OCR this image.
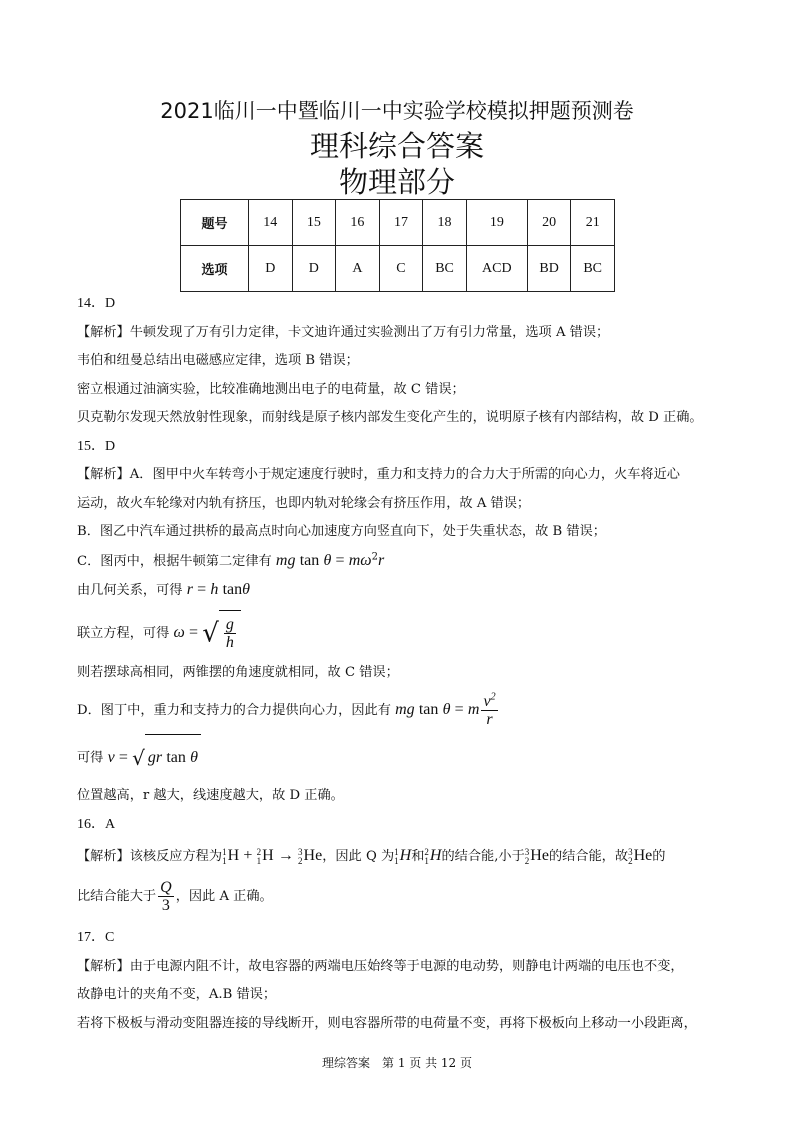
2021临川一中暨临川一中实验学校模拟押题预测卷
理科综合答案
物理部分
题号	14	15	16	17	18	19	20	21
选项	D	D	A	C	BC	ACD	BD	BC
14．D
【解析】牛顿发现了万有引力定律，卡文迪许通过实验测出了万有引力常量，选项 A 错误；
韦伯和纽曼总结出电磁感应定律，选项 B 错误；
密立根通过油滴实验，比较准确地测出电子的电荷量，故 C 错误；
贝克勒尔发现天然放射性现象，而射线是原子核内部发生变化产生的，说明原子核有内部结构，故 D 正确。
15．D
【解析】A．图甲中火车转弯小于规定速度行驶时，重力和支持力的合力大于所需的向心力，火车将近心
运动，故火车轮缘对内轨有挤压，也即内轨对轮缘会有挤压作用，故 A 错误；
B．图乙中汽车通过拱桥的最高点时向心加速度方向竖直向下，处于失重状态，故 B 错误；
C．图丙中，根据牛顿第二定律有 mg $\tan \theta = m\omega^2r$
由几何关系，可得 r = h tanθ
联立方程，可得 ω = √ $\frac{g}{h}$
则若摆球高相同，两锥摆的角速度就相同，故 C 错误；
D．图丁中，重力和支持力的合力提供向心力，因此有 mg tan θ = m $\frac{v^2}{r}$
可得 v = √ gr tan θ
位置越高，r 越大，线速度越大，故 D 正确。
16．A
【解析】该核反应方程为 1
1 H + 2
1 H → 3
2 He，因此 Q 为 1
1 H和 2
1 H的结合能,小于 3
2 He的结合能，故 3
2 He的
比结合能大于 $\frac{Q}{3}$ ，因此 A 正确。
17．C
【解析】由于电源内阻不计，故电容器的两端电压始终等于电源的电动势，则静电计两端的电压也不变，
故静电计的夹角不变，A.B 错误；
若将下极板与滑动变阻器连接的导线断开，则电容器所带的电荷量不变，再将下极板向上移动一小段距离，
理综答案　第 1 页 共 12 页
